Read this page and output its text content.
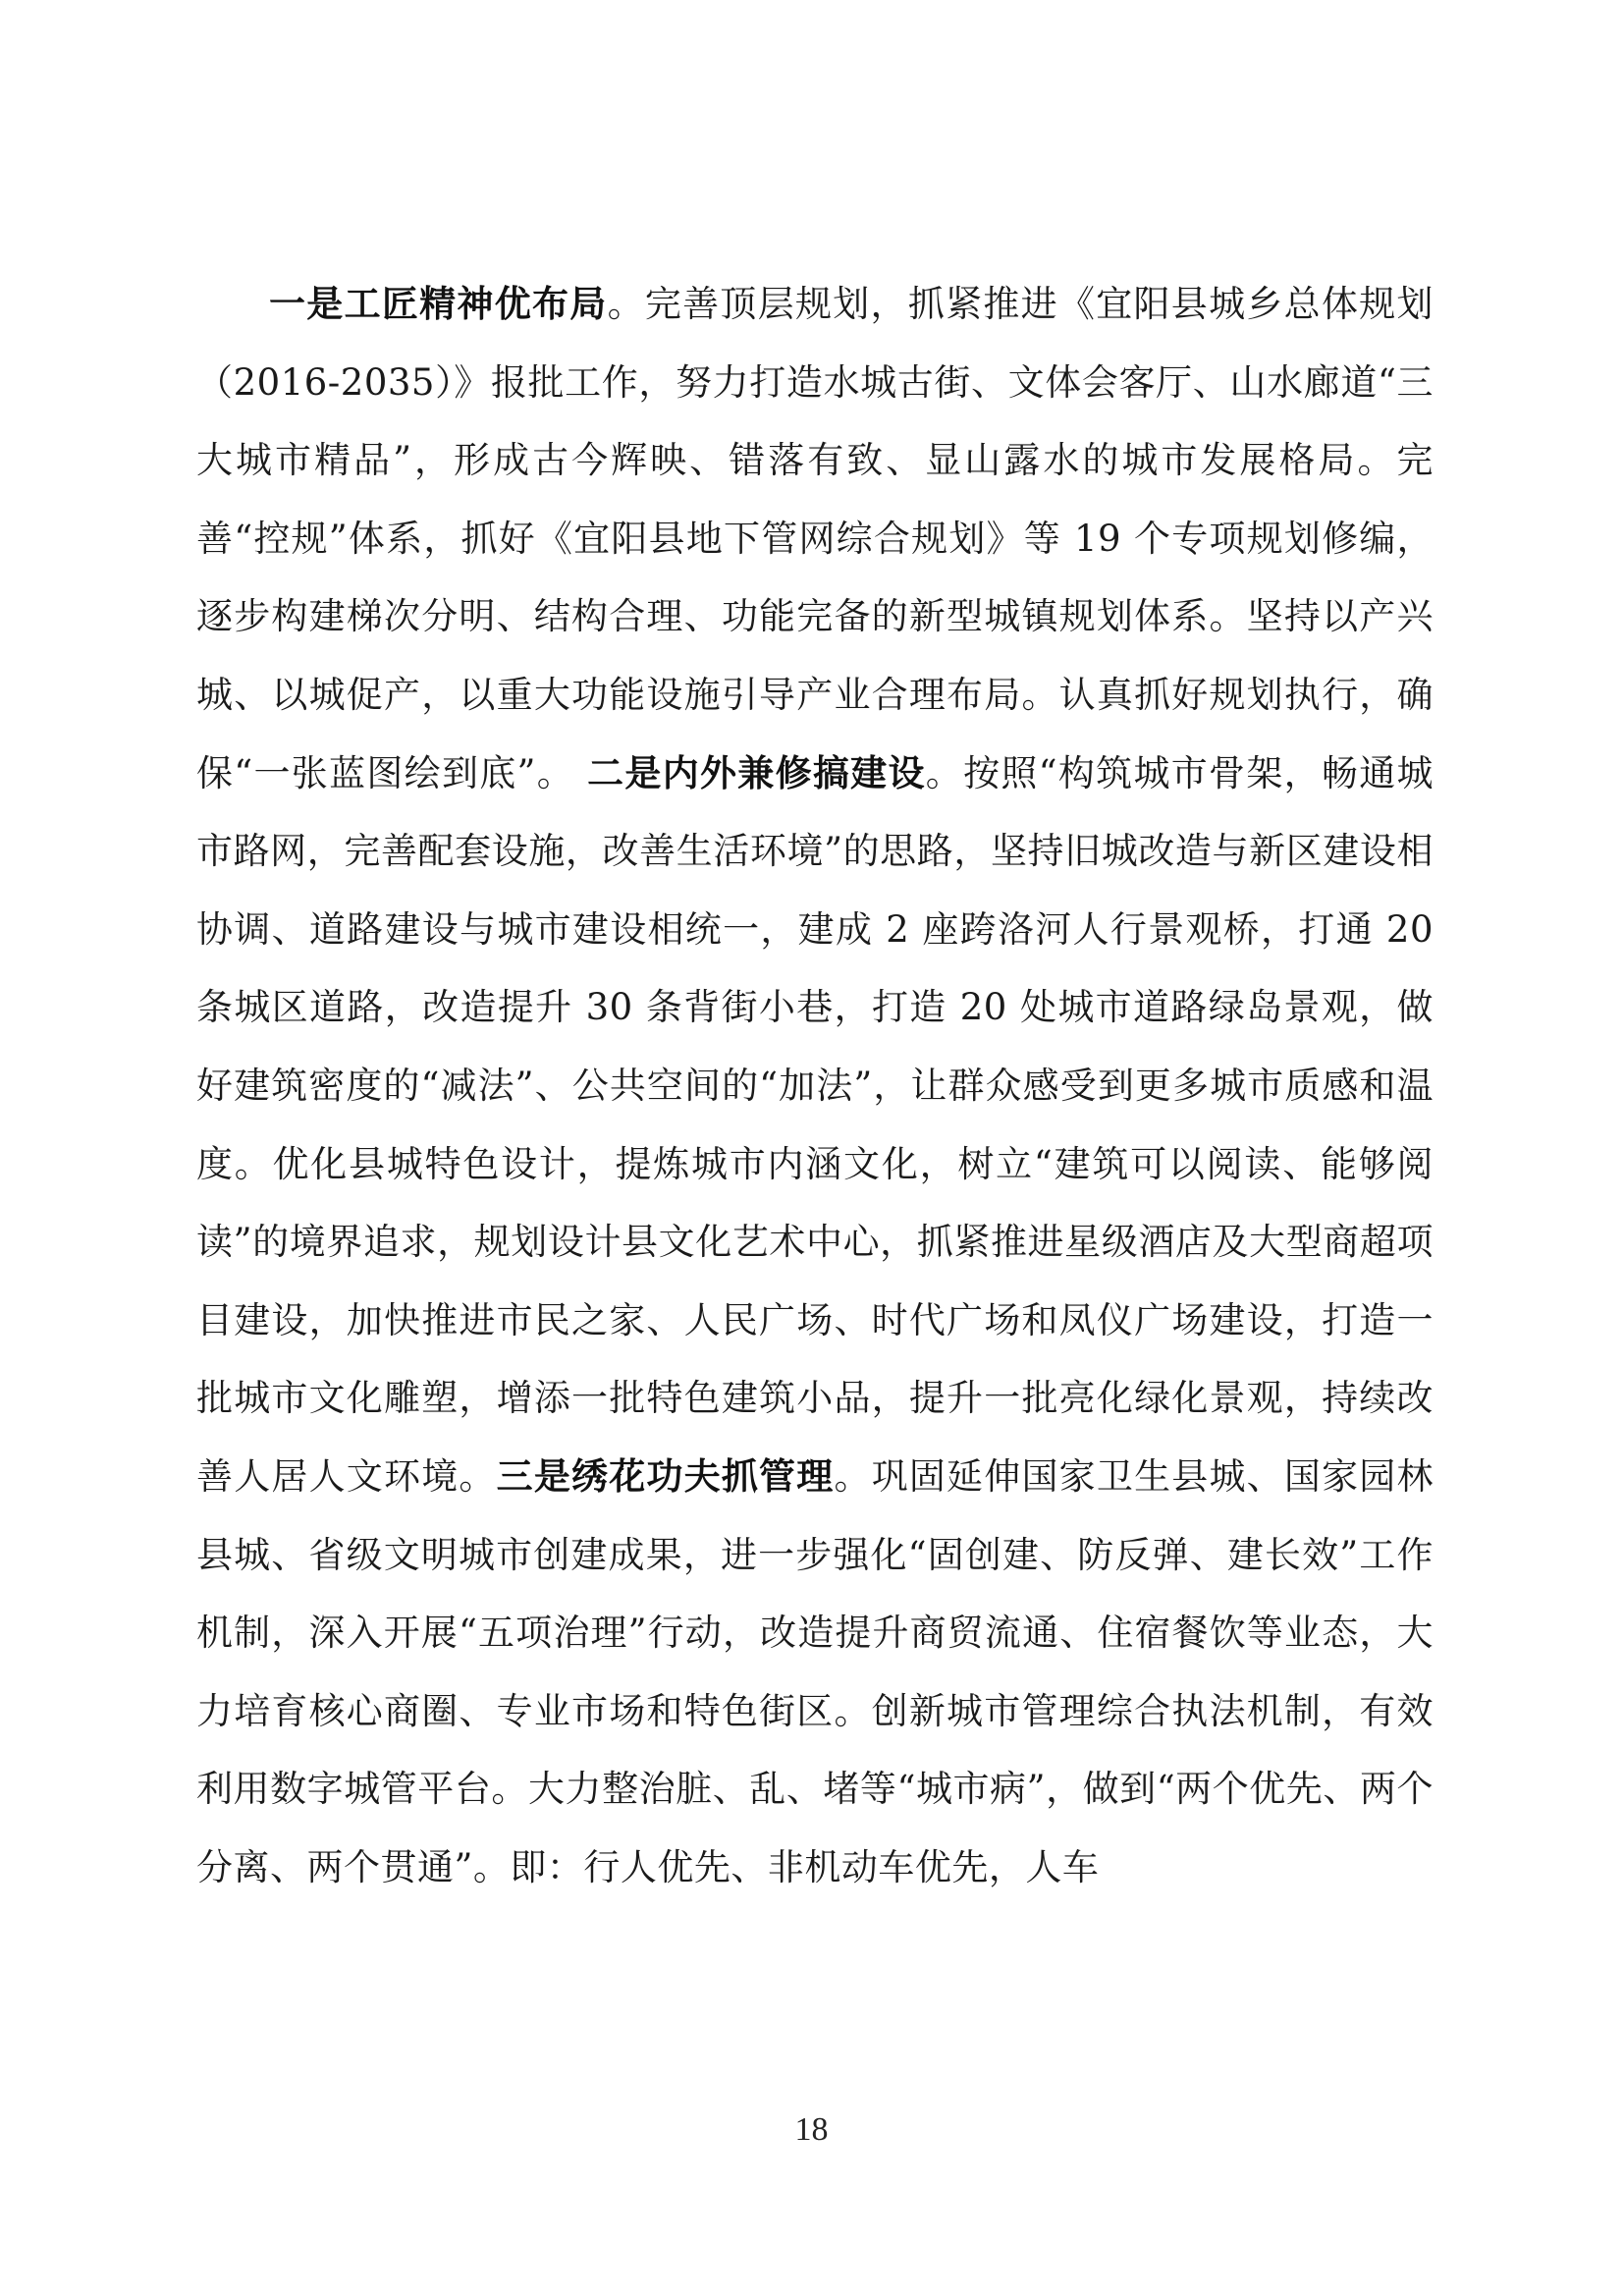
一是工匠精神优布局。完善顶层规划，抓紧推进《宜阳县城乡总体规划（2016-2035）》报批工作，努力打造水城古街、文体会客厅、山水廊道“三大城市精品”，形成古今辉映、错落有致、显山露水的城市发展格局。完善“控规”体系，抓好《宜阳县地下管网综合规划》等 19 个专项规划修编，逐步构建梯次分明、结构合理、功能完备的新型城镇规划体系。坚持以产兴城、以城促产，以重大功能设施引导产业合理布局。认真抓好规划执行，确保“一张蓝图绘到底”。 二是内外兼修搞建设。按照“构筑城市骨架，畅通城市路网，完善配套设施，改善生活环境”的思路，坚持旧城改造与新区建设相协调、道路建设与城市建设相统一，建成 2 座跨洛河人行景观桥，打通 20 条城区道路，改造提升 30 条背街小巷，打造 20 处城市道路绿岛景观，做好建筑密度的“减法”、公共空间的“加法”，让群众感受到更多城市质感和温度。优化县城特色设计，提炼城市内涵文化，树立“建筑可以阅读、能够阅读”的境界追求，规划设计县文化艺术中心，抓紧推进星级酒店及大型商超项目建设，加快推进市民之家、人民广场、时代广场和凤仪广场建设，打造一批城市文化雕塑，增添一批特色建筑小品，提升一批亮化绿化景观，持续改善人居人文环境。三是绣花功夫抓管理。巩固延伸国家卫生县城、国家园林县城、省级文明城市创建成果，进一步强化“固创建、防反弹、建长效”工作机制，深入开展“五项治理”行动，改造提升商贸流通、住宿餐饮等业态，大力培育核心商圈、专业市场和特色街区。创新城市管理综合执法机制，有效利用数字城管平台。大力整治脏、乱、堵等“城市病”，做到“两个优先、两个分离、两个贯通”。即：行人优先、非机动车优先，人车

18
